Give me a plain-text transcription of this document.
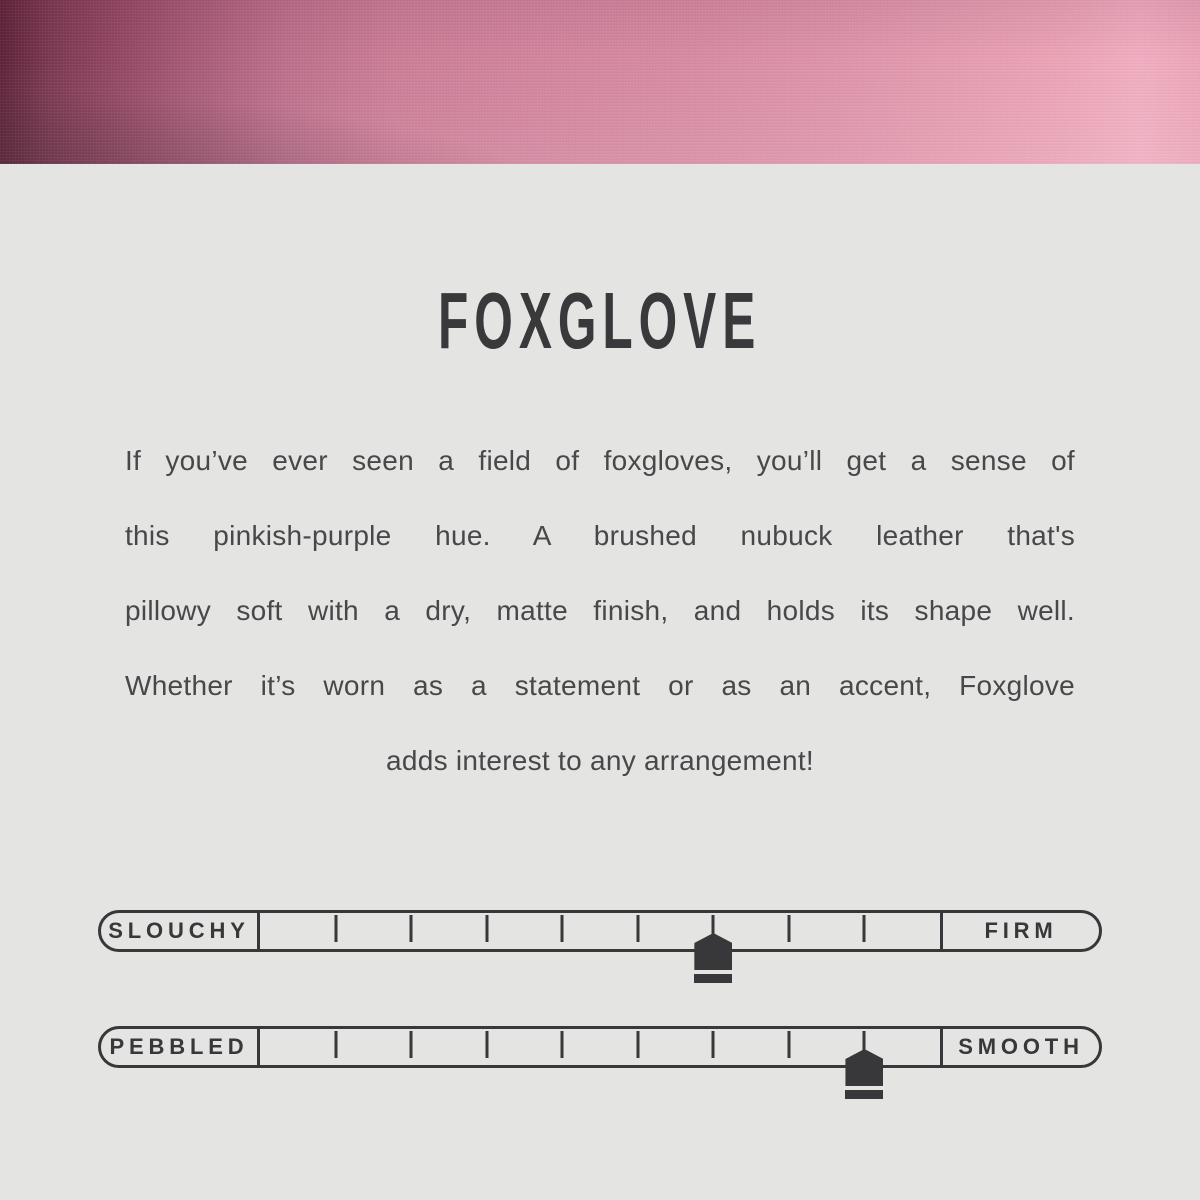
FOXGLOVE
If you’ve ever seen a field of foxgloves, you’ll get a sense of
this pinkish-purple hue. A brushed nubuck leather that's
pillowy soft with a dry, matte finish, and holds its shape well.
Whether it’s worn as a statement or as an accent, Foxglove
adds interest to any arrangement!
SLOUCHY	FIRM
PEBBLED	SMOOTH
